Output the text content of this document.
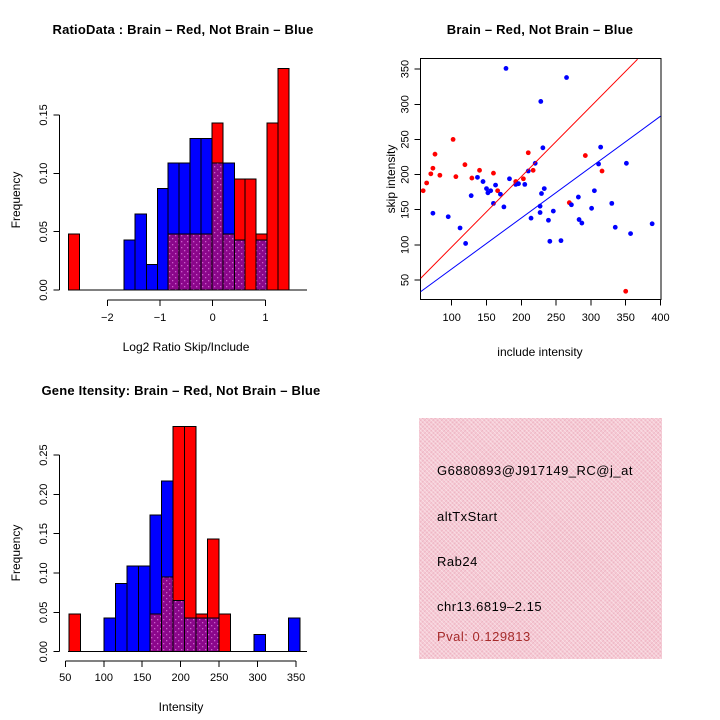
0.00
0.05
0.10
0.15
−2	−1	0	1	100 150 200 250 300 350 400
50
100
150
200
250
300
350
0.00
0.05
0.10
0.15
0.20
0.25
50 100 150 200 250 300 350
RatioData : Brain – Red, Not Brain – Blue	Brain – Red, Not Brain – Blue
Gene Itensity: Brain – Red, Not Brain – Blue
Log2 Ratio Skip/Include	include intensity
Intensity
Frequency	skip intensity
Frequency
G6880893@J917149_RC@j_at
altTxStart
Rab24
chr13.6819–2.15
Pval: 0.129813
